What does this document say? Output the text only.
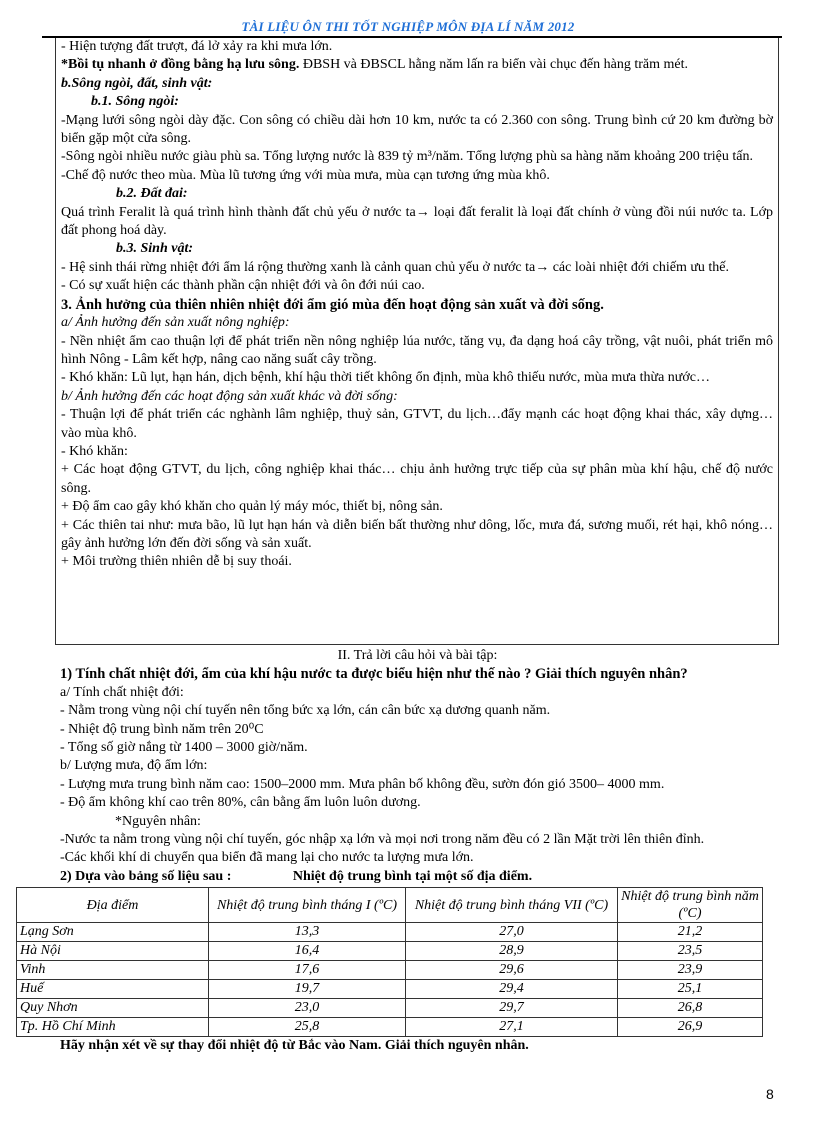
TÀI LIỆU ÔN THI TỐT NGHIỆP MÔN ĐỊA LÍ NĂM 2012
- Hiện tượng đất trượt, đá lở xảy ra khi mưa lớn.
*Bồi tụ nhanh ở đồng bằng hạ lưu sông. ĐBSH và ĐBSCL hằng năm lấn ra biển vài chục đến hàng trăm mét.
b.Sông ngòi, đất, sinh vật:
b.1. Sông ngòi:
-Mạng lưới sông ngòi dày đặc. Con sông có chiều dài hơn 10 km, nước ta có 2.360 con sông. Trung bình cứ 20 km đường bờ biển gặp một cửa sông.
-Sông ngòi nhiều nước giàu phù sa. Tổng lượng nước là 839 tỷ m³/năm. Tổng lượng phù sa hàng năm khoảng 200 triệu tấn.
-Chế độ nước theo mùa. Mùa lũ tương ứng với mùa mưa, mùa cạn tương ứng mùa khô.
b.2. Đất đai:
Quá trình Feralit là quá trình hình thành đất chủ yếu ở nước ta→ loại đất feralit là loại đất chính ở vùng đồi núi nước ta. Lớp đất phong hoá dày.
b.3. Sinh vật:
- Hệ sinh thái rừng nhiệt đới ẩm lá rộng thường xanh là cảnh quan chủ yếu ở nước ta→ các loài nhiệt đới chiếm ưu thế.
- Có sự xuất hiện các thành phần cận nhiệt đới và ôn đới núi cao.
3. Ảnh hưởng của thiên nhiên nhiệt đới ẩm gió mùa đến hoạt động sản xuất và đời sống.
a/ Ảnh hưởng đến sản xuất nông nghiệp:
- Nền nhiệt ẩm cao thuận lợi để phát triển nền nông nghiệp lúa nước, tăng vụ, đa dạng hoá cây trồng, vật nuôi, phát triển mô hình Nông - Lâm kết hợp, nâng cao năng suất cây trồng.
- Khó khăn: Lũ lụt, hạn hán, dịch bệnh, khí hậu thời tiết không ổn định, mùa khô thiếu nước, mùa mưa thừa nước…
b/ Ảnh hưởng đến các hoạt động sản xuất khác và đời sống:
- Thuận lợi để phát triển các nghành lâm nghiệp, thuỷ sản, GTVT, du lịch…đẩy mạnh các hoạt động khai thác, xây dựng… vào mùa khô.
- Khó khăn:
+ Các hoạt động GTVT, du lịch, công nghiệp khai thác… chịu ảnh hưởng trực tiếp của sự phân mùa khí hậu, chế độ nước sông.
+ Độ ẩm cao gây khó khăn cho quản lý máy móc, thiết bị, nông sản.
+ Các thiên tai như: mưa bão, lũ lụt hạn hán và diễn biến bất thường như dông, lốc, mưa đá, sương muối, rét hại, khô nóng… gây ảnh hưởng lớn đến đời sống và sản xuất.
+ Môi trường thiên nhiên dễ bị suy thoái.
II. Trả lời câu hỏi và bài tập:
1) Tính chất nhiệt đới, ẩm của khí hậu nước ta được biểu hiện như thế nào ? Giải thích nguyên nhân?
a/ Tính chất nhiệt đới:
- Nằm trong vùng nội chí tuyến nên tổng bức xạ lớn, cán cân bức xạ dương quanh năm.
- Nhiệt độ trung bình năm trên 20⁰C
- Tổng số giờ nắng từ 1400 – 3000 giờ/năm.
b/ Lượng mưa, độ ẩm lớn:
- Lượng mưa trung bình năm cao: 1500–2000 mm. Mưa phân bố không đều, sườn đón gió 3500– 4000 mm.
- Độ ẩm không khí cao trên 80%, cân bằng ẩm luôn luôn dương.
*Nguyên nhân:
-Nước ta nằm trong vùng nội chí tuyến, góc nhập xạ lớn và mọi nơi trong năm đều có 2 lần Mặt trời lên thiên đỉnh.
-Các khối khí di chuyển qua biển đã mang lại cho nước ta lượng mưa lớn.
2) Dựa vào bảng số liệu sau :	Nhiệt độ trung bình tại một số địa điểm.
Địa điểm	Nhiệt độ trung bình tháng I (ºC)	Nhiệt độ trung bình tháng VII (ºC)	Nhiệt độ trung bình năm (ºC)
Lạng Sơn	13,3	27,0	21,2
Hà Nội	16,4	28,9	23,5
Vinh	17,6	29,6	23,9
Huế	19,7	29,4	25,1
Quy Nhơn	23,0	29,7	26,8
Tp. Hồ Chí Minh	25,8	27,1	26,9
Hãy nhận xét về sự thay đổi nhiệt độ từ Bắc vào Nam. Giải thích nguyên nhân.
8
